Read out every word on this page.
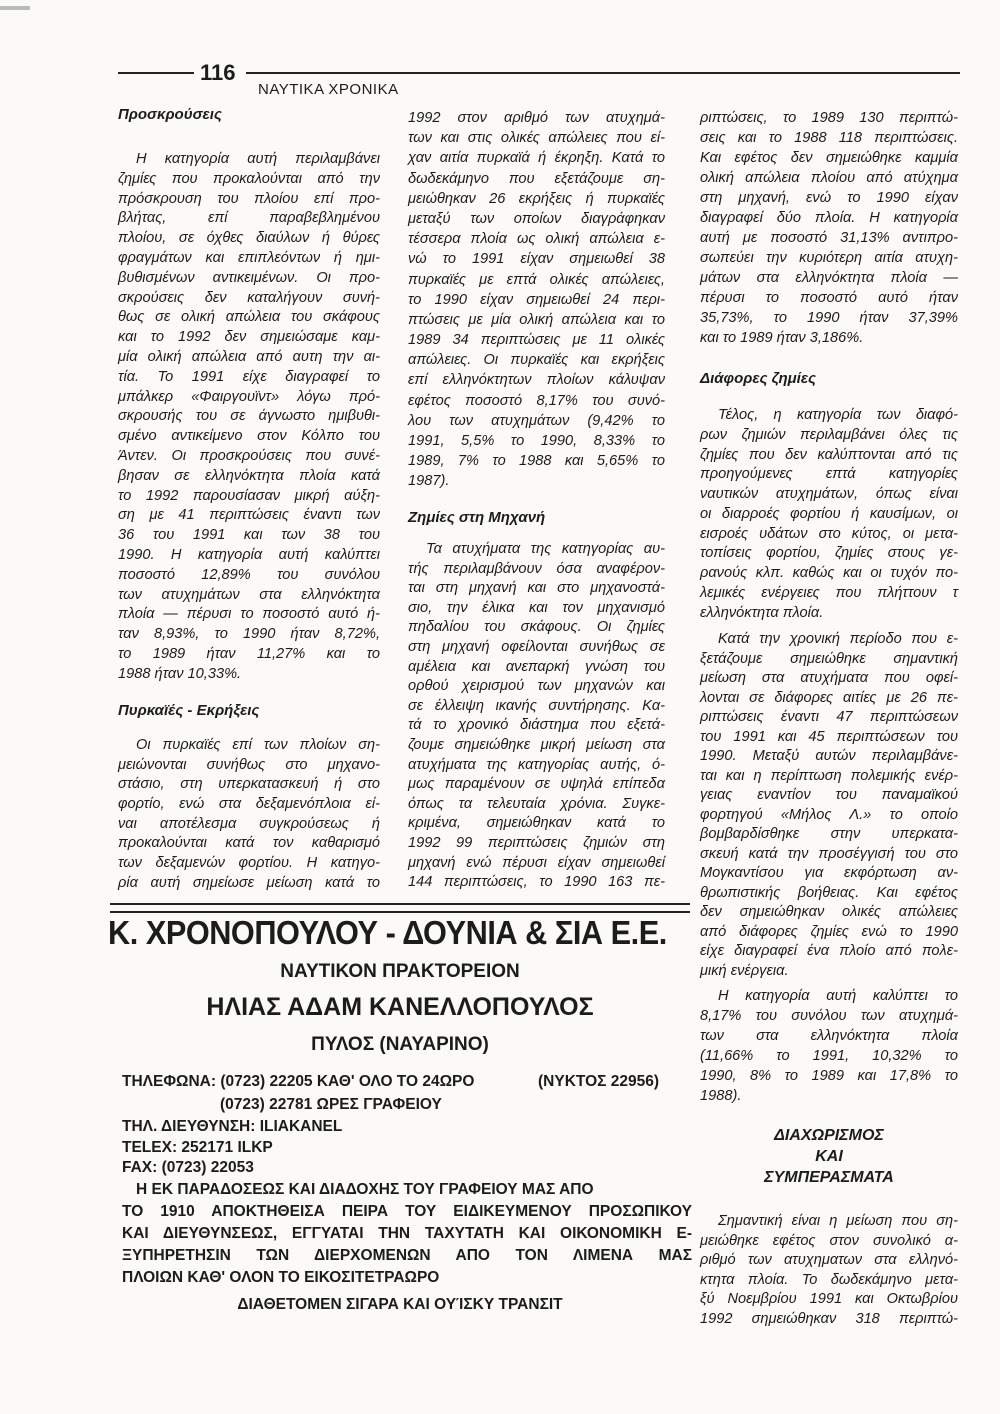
116
ΝΑΥΤΙΚΑ ΧΡΟΝΙΚΑ
Προσκρούσεις
Η κατηγορία αυτή περιλαμβάνει
ζημίες που προκαλούνται από την
πρόσκρουση του πλοίου επί προ-
βλήτας, επί παραβεβλημένου
πλοίου, σε όχθες διαύλων ή θύρες
φραγμάτων και επιπλεόντων ή ημι-
βυθισμένων αντικειμένων. Οι προ-
σκρούσεις δεν καταλήγουν συνή-
θως σε ολική απώλεια του σκάφους
και το 1992 δεν σημειώσαμε καμ-
μία ολική απώλεια από αυτη την αι-
τία. Το 1991 είχε διαγραφεί το
μπάλκερ «Φαιργουϊντ» λόγω πρό-
σκρουσής του σε άγνωστο ημιβυθι-
σμένο αντικείμενο στον Κόλπο του
Άντεν. Οι προσκρούσεις που συνέ-
βησαν σε ελληνόκτητα πλοία κατά
το 1992 παρουσίασαν μικρή αύξη-
ση με 41 περιπτώσεις έναντι των
36 του 1991 και των 38 του
1990. Η κατηγορία αυτή καλύπτει
ποσοστό 12,89% του συνόλου
των ατυχημάτων στα ελληνόκτητα
πλοία — πέρυσι το ποσοστό αυτό ή-
ταν 8,93%, το 1990 ήταν 8,72%,
το 1989 ήταν 11,27% και το
1988 ήταν 10,33%.
Πυρκαϊές - Εκρήξεις
Οι πυρκαϊές επί των πλοίων ση-
μειώνονται συνήθως στο μηχανο-
στάσιο, στη υπερκατασκευή ή στο
φορτίο, ενώ στα δεξαμενόπλοια εί-
ναι αποτέλεσμα συγκρούσεως ή
προκαλούνται κατά τον καθαρισμό
των δεξαμενών φορτίου. Η κατηγο-
ρία αυτή σημείωσε μείωση κατά το
1992 στον αριθμό των ατυχημά-
των και στις ολικές απώλειες που εί-
χαν αιτία πυρκαϊά ή έκρηξη. Κατά το
δωδεκάμηνο που εξετάζουμε ση-
μειώθηκαν 26 εκρήξεις ή πυρκαϊές
μεταξύ των οποίων διαγράφηκαν
τέσσερα πλοία ως ολική απώλεια ε-
νώ το 1991 είχαν σημειωθεί 38
πυρκαϊές με επτά ολικές απώλειες,
το 1990 είχαν σημειωθεί 24 περι-
πτώσεις με μία ολική απώλεια και το
1989 34 περιπτώσεις με 11 ολικές
απώλειες. Οι πυρκαϊές και εκρήξεις
επί ελληνόκτητων πλοίων κάλυψαν
εφέτος ποσοστό 8,17% του συνό-
λου των ατυχημάτων (9,42% το
1991, 5,5% το 1990, 8,33% το
1989, 7% το 1988 και 5,65% το
1987).
Ζημίες στη Μηχανή
Τα ατυχήματα της κατηγορίας αυ-
τής περιλαμβάνουν όσα αναφέρον-
ται στη μηχανή και στο μηχανοστά-
σιο, την έλικα και τον μηχανισμό
πηδαλίου του σκάφους. Οι ζημίες
στη μηχανή οφείλονται συνήθως σε
αμέλεια και ανεπαρκή γνώση του
ορθού χειρισμού των μηχανών και
σε έλλειψη ικανής συντήρησης. Κα-
τά το χρονικό διάστημα που εξετά-
ζουμε σημειώθηκε μικρή μείωση στα
ατυχήματα της κατηγορίας αυτής, ό-
μως παραμένουν σε υψηλά επίπεδα
όπως τα τελευταία χρόνια. Συγκε-
κριμένα, σημειώθηκαν κατά το
1992 99 περιπτώσεις ζημιών στη
μηχανή ενώ πέρυσι είχαν σημειωθεί
144 περιπτώσεις, το 1990 163 πε-
ριπτώσεις, το 1989 130 περιπτώ-
σεις και το 1988 118 περιπτώσεις.
Και εφέτος δεν σημειώθηκε καμμία
ολική απώλεια πλοίου από ατύχημα
στη μηχανή, ενώ το 1990 είχαν
διαγραφεί δύο πλοία. Η κατηγορία
αυτή με ποσοστό 31,13% αντιπρο-
σωπεύει την κυριότερη αιτία ατυχη-
μάτων στα ελληνόκτητα πλοία —
πέρυσι το ποσοστό αυτό ήταν
35,73%, το 1990 ήταν 37,39%
και το 1989 ήταν 3,186%.
Διάφορες ζημίες
Τέλος, η κατηγορία των διαφό-
ρων ζημιών περιλαμβάνει όλες τις
ζημίες που δεν καλύπτονται από τις
προηγούμενες επτά κατηγορίες
ναυτικών ατυχημάτων, όπως είναι
οι διαρροές φορτίου ή καυσίμων, οι
εισροές υδάτων στο κύτος, οι μετα-
τοπίσεις φορτίου, ζημίες στους γε-
ρανούς κλπ. καθώς και οι τυχόν πο-
λεμικές ενέργειες που πλήττουν τ
ελληνόκτητα πλοία.
Κατά την χρονική περίοδο που ε-
ξετάζουμε σημειώθηκε σημαντική
μείωση στα ατυχήματα που οφεί-
λονται σε διάφορες αιτίες με 26 πε-
ριπτώσεις έναντι 47 περιπτώσεων
του 1991 και 45 περιπτώσεων του
1990. Μεταξύ αυτών περιλαμβάνε-
ται και η περίπτωση πολεμικής ενέρ-
γειας εναντίον του παναμαϊκού
φορτηγού «Μήλος Λ.» το οποίο
βομβαρδίσθηκε στην υπερκατα-
σκευή κατά την προσέγγισή του στο
Μογκαντίσου για εκφόρτωση αν-
θρωπιστικής βοήθειας. Και εφέτος
δεν σημειώθηκαν ολικές απώλειες
από διάφορες ζημίες ενώ το 1990
είχε διαγραφεί ένα πλοίο από πολε-
μική ενέργεια.
Η κατηγορία αυτή καλύπτει το
8,17% του συνόλου των ατυχημά-
των στα ελληνόκτητα πλοία
(11,66% το 1991, 10,32% το
1990, 8% το 1989 και 17,8% το
1988).
ΔΙΑΧΩΡΙΣΜΟΣ
ΚΑΙ
ΣΥΜΠΕΡΑΣΜΑΤΑ
Σημαντική είναι η μείωση που ση-
μειώθηκε εφέτος στον συνολικό α-
ριθμό των ατυχηματων στα ελληνό-
κτητα πλοία. Το δωδεκάμηνο μετα-
ξύ Νοεμβρίου 1991 και Οκτωβρίου
1992 σημειώθηκαν 318 περιπτώ-
Κ. ΧΡΟΝΟΠΟΥΛΟΥ - ΔΟΥΝΙΑ & ΣΙΑ Ε.Ε.
ΝΑΥΤΙΚΟΝ ΠΡΑΚΤΟΡΕΙΟΝ
ΗΛΙΑΣ ΑΔΑΜ ΚΑΝΕΛΛΟΠΟΥΛΟΣ
ΠΥΛΟΣ (ΝΑΥΑΡΙΝΟ)
ΤΗΛΕΦΩΝΑ: (0723) 22205 ΚΑΘ' ΟΛΟ ΤΟ 24ΩΡΟ	(ΝΥΚΤΟΣ 22956)
(0723) 22781 ΩΡΕΣ ΓΡΑΦΕΙΟΥ
ΤΗΛ. ΔΙΕΥΘΥΝΣΗ: ILIAKANEL
TELEX: 252171 ILKP
FAX: (0723) 22053
Η ΕΚ ΠΑΡΑΔΟΣΕΩΣ ΚΑΙ ΔΙΑΔΟΧΗΣ ΤΟΥ ΓΡΑΦΕΙΟΥ ΜΑΣ ΑΠΟ
ΤΟ 1910 ΑΠΟΚΤΗΘΕΙΣΑ ΠΕΙΡΑ ΤΟΥ ΕΙΔΙΚΕΥΜΕΝΟΥ ΠΡΟΣΩΠΙΚΟΥ
ΚΑΙ ΔΙΕΥΘΥΝΣΕΩΣ, ΕΓΓΥΑΤΑΙ ΤΗΝ ΤΑΧΥΤΑΤΗ ΚΑΙ ΟΙΚΟΝΟΜΙΚΗ Ε-
ΞΥΠΗΡΕΤΗΣΙΝ ΤΩΝ ΔΙΕΡΧΟΜΕΝΩΝ ΑΠΟ ΤΟΝ ΛΙΜΕΝΑ ΜΑΣ
ΠΛΟΙΩΝ ΚΑΘ' ΟΛΟΝ ΤΟ ΕΙΚΟΣΙΤΕΤΡΑΩΡΟ
ΔΙΑΘΕΤΟΜΕΝ ΣΙΓΑΡΑ ΚΑΙ ΟΥΊΣΚΥ ΤΡΑΝΣΙΤ
